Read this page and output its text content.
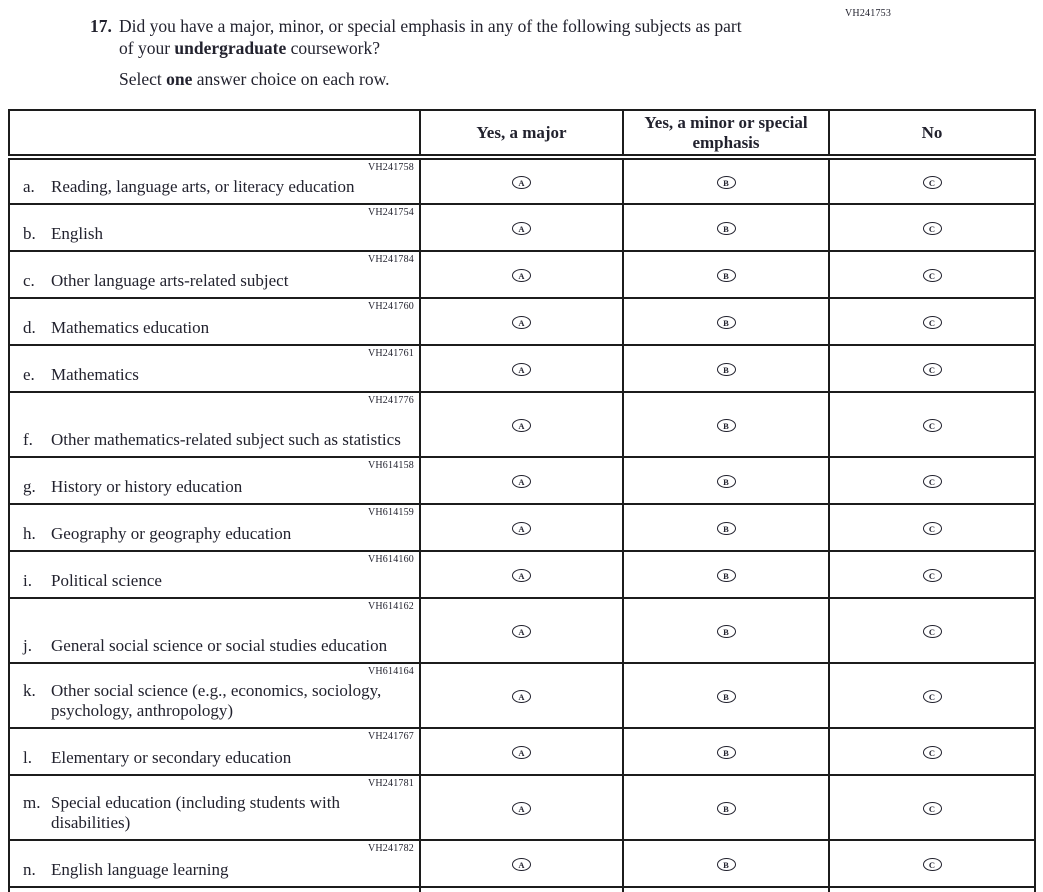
VH241753
17. Did you have a major, minor, or special emphasis in any of the following subjects as part
of your undergraduate coursework?
Select one answer choice on each row.
	Yes, a major	Yes, a minor or special emphasis	No

VH241758
a. Reading, language arts, or literacy education	A	B	C

VH241754
b. English	A	B	C

VH241784
c. Other language arts-related subject	A	B	C

VH241760
d. Mathematics education	A	B	C

VH241761
e. Mathematics	A	B	C

VH241776
f. Other mathematics-related subject such as statistics	A	B	C

VH614158
g. History or history education	A	B	C

VH614159
h. Geography or geography education	A	B	C

VH614160
i. Political science	A	B	C

VH614162
j. General social science or social studies education	A	B	C

VH614164
k. Other social science (e.g., economics, sociology, psychology, anthropology)	A	B	C

VH241767
l. Elementary or secondary education	A	B	C

VH241781
m. Special education (including students with disabilities)	A	B	C

VH241782
n. English language learning	A	B	C
